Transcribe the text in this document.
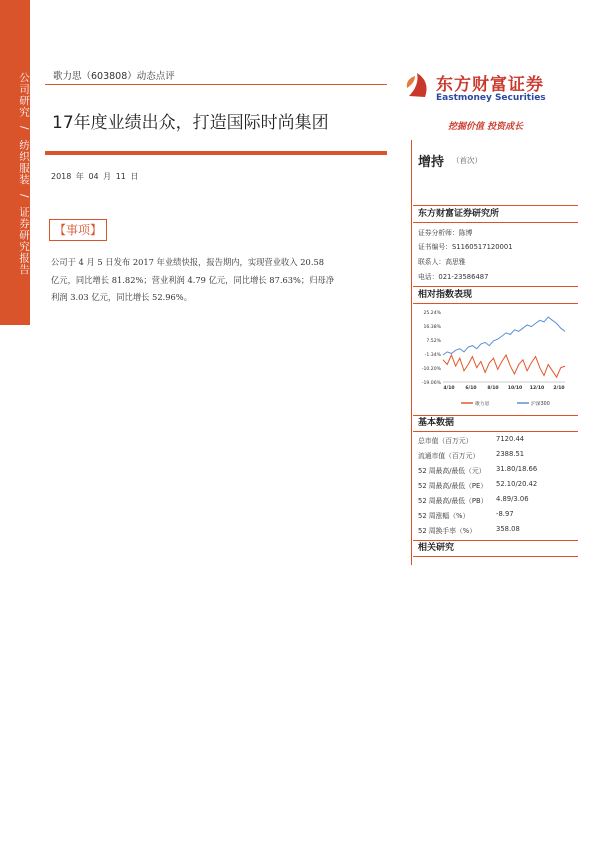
公司研究 / 纺织服装 / 证券研究报告
歌力思（603808）动态点评
17年度业绩出众，打造国际时尚集团
2018 年 04 月 11 日
【事项】
公司于 4 月 5 日发布 2017 年业绩快报，报告期内，实现营业收入 20.58
亿元，同比增长 81.82%；营业利润 4.79 亿元，同比增长 87.63%；归母净
利润 3.03 亿元，同比增长 52.96%。
东方财富证券
Eastmoney Securities
挖掘价值 投资成长
增持 （首次）
东方财富证券研究所
证券分析师：陈博
证书编号：S1160517120001
联系人：高思雅
电话：021-23586487
相对指数表现
25.24%
16.38%
7.52%
-1.34%
-10.20%
-19.06%
4/10 6/10 8/10 10/10 12/10 2/10
歌力思	沪深300
基本数据
总市值（百万元）	7120.44
流通市值（百万元） 2388.51
52 周最高/最低（元） 31.80/18.66
52 周最高/最低（PE） 52.10/20.42
52 周最高/最低（PB） 4.89/3.06
52 周涨幅（%）	-8.97
52 周换手率（%）	358.08
相关研究
